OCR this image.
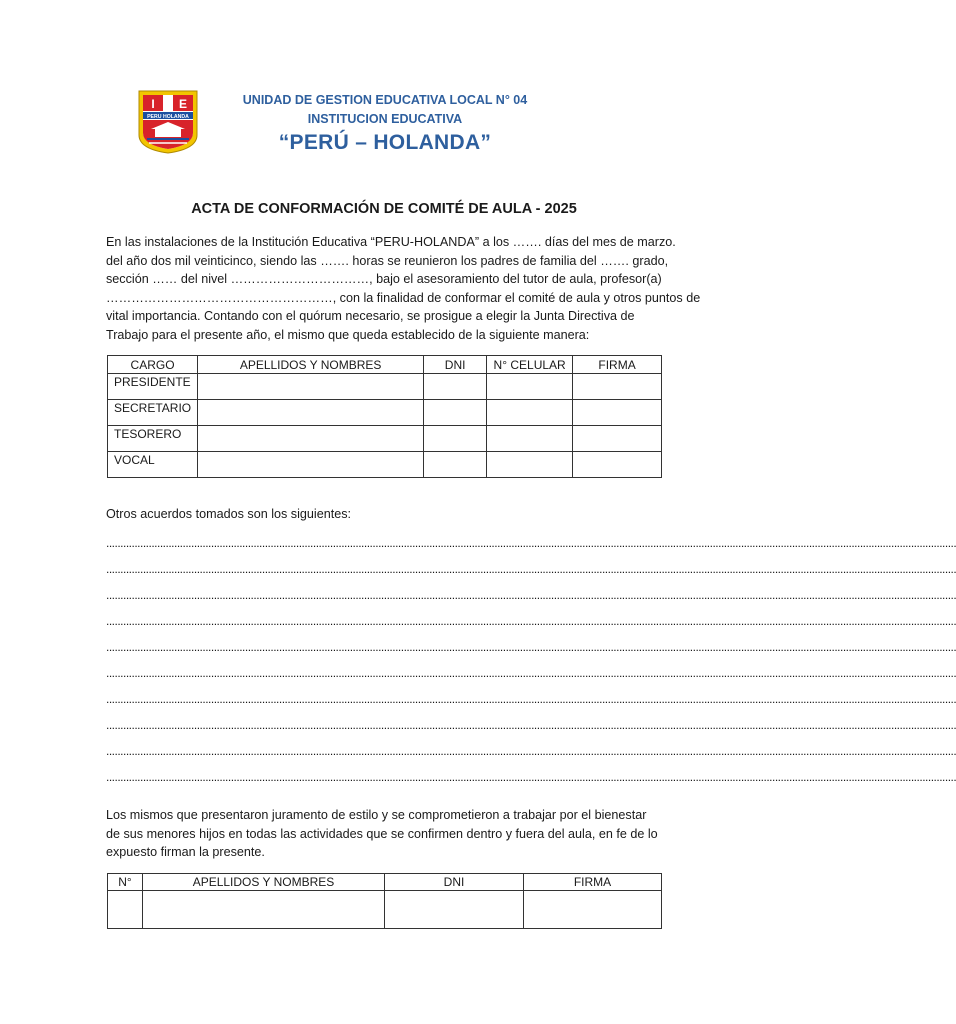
I E
PERU HOLANDA
UNIDAD DE GESTION EDUCATIVA LOCAL N° 04
INSTITUCION EDUCATIVA
“PERÚ – HOLANDA”
ACTA DE CONFORMACIÓN DE COMITÉ DE AULA - 2025

En las instalaciones de la Institución Educativa “PERU-HOLANDA” a los ……. días del mes de marzo.
del año dos mil veinticinco, siendo las ……. horas se reunieron los padres de familia del ……. grado,
sección …… del nivel ……………………………, bajo el asesoramiento del tutor de aula, profesor(a)
………………………………………………, con la finalidad de conformar el comité de aula y otros puntos de
vital importancia. Contando con el quórum necesario, se prosigue a elegir la Junta Directiva de
Trabajo para el presente año, el mismo que queda establecido de la siguiente manera:

CARGO	APELLIDOS Y NOMBRES	DNI	N° CELULAR	FIRMA
PRESIDENTE				
SECRETARIO				
TESORERO				
VOCAL				
Otros acuerdos tomados son los siguientes:
............................................................................................................................................................................................................................................................................................................
............................................................................................................................................................................................................................................................................................................
............................................................................................................................................................................................................................................................................................................
............................................................................................................................................................................................................................................................................................................
............................................................................................................................................................................................................................................................................................................
............................................................................................................................................................................................................................................................................................................
............................................................................................................................................................................................................................................................................................................
............................................................................................................................................................................................................................................................................................................
............................................................................................................................................................................................................................................................................................................
............................................................................................................................................................................................................................................................................................................

Los mismos que presentaron juramento de estilo y se comprometieron a trabajar por el bienestar
de sus menores hijos en todas las actividades que se confirmen dentro y fuera del aula, en fe de lo
expuesto firman la presente.

N°	APELLIDOS Y NOMBRES	DNI	FIRMA
